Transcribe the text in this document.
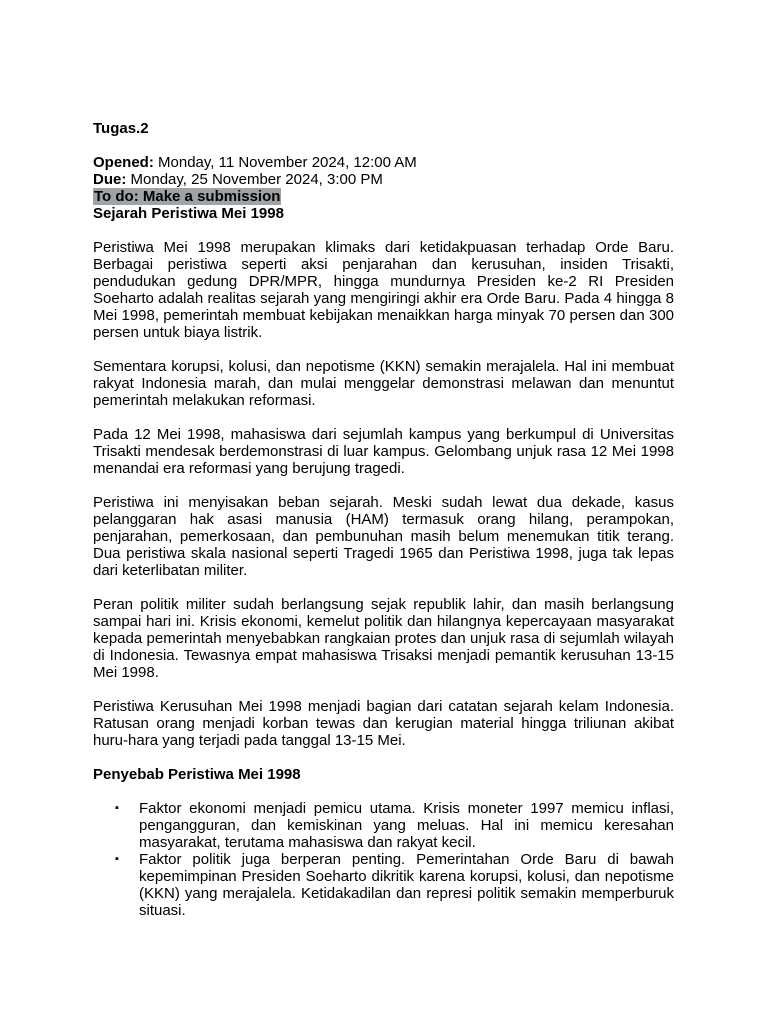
Tugas.2
Opened: Monday, 11 November 2024, 12:00 AM
Due: Monday, 25 November 2024, 3:00 PM
To do: Make a submission
Sejarah Peristiwa Mei 1998

Peristiwa Mei 1998 merupakan klimaks dari ketidakpuasan terhadap Orde Baru. Berbagai peristiwa seperti aksi penjarahan dan kerusuhan, insiden Trisakti, pendudukan gedung DPR/MPR, hingga mundurnya Presiden ke-2 RI Presiden Soeharto adalah realitas sejarah yang mengiringi akhir era Orde Baru. Pada 4 hingga 8 Mei 1998, pemerintah membuat kebijakan menaikkan harga minyak 70 persen dan 300 persen untuk biaya listrik.

Sementara korupsi, kolusi, dan nepotisme (KKN) semakin merajalela. Hal ini membuat rakyat Indonesia marah, dan mulai menggelar demonstrasi melawan dan menuntut pemerintah melakukan reformasi.

Pada 12 Mei 1998, mahasiswa dari sejumlah kampus yang berkumpul di Universitas Trisakti mendesak berdemonstrasi di luar kampus. Gelombang unjuk rasa 12 Mei 1998 menandai era reformasi yang berujung tragedi.

Peristiwa ini menyisakan beban sejarah. Meski sudah lewat dua dekade, kasus pelanggaran hak asasi manusia (HAM) termasuk orang hilang, perampokan, penjarahan, pemerkosaan, dan pembunuhan masih belum menemukan titik terang. Dua peristiwa skala nasional seperti Tragedi 1965 dan Peristiwa 1998, juga tak lepas dari keterlibatan militer.

Peran politik militer sudah berlangsung sejak republik lahir, dan masih berlangsung sampai hari ini. Krisis ekonomi, kemelut politik dan hilangnya kepercayaan masyarakat kepada pemerintah menyebabkan rangkaian protes dan unjuk rasa di sejumlah wilayah di Indonesia. Tewasnya empat mahasiswa Trisaksi menjadi pemantik kerusuhan 13-15 Mei 1998.

Peristiwa Kerusuhan Mei 1998 menjadi bagian dari catatan sejarah kelam Indonesia. Ratusan orang menjadi korban tewas dan kerugian material hingga triliunan akibat huru-hara yang terjadi pada tanggal 13-15 Mei.

Penyebab Peristiwa Mei 1998
▪ Faktor ekonomi menjadi pemicu utama. Krisis moneter 1997 memicu inflasi, pengangguran, dan kemiskinan yang meluas. Hal ini memicu keresahan masyarakat, terutama mahasiswa dan rakyat kecil.
▪ Faktor politik juga berperan penting. Pemerintahan Orde Baru di bawah kepemimpinan Presiden Soeharto dikritik karena korupsi, kolusi, dan nepotisme (KKN) yang merajalela. Ketidakadilan dan represi politik semakin memperburuk situasi.
